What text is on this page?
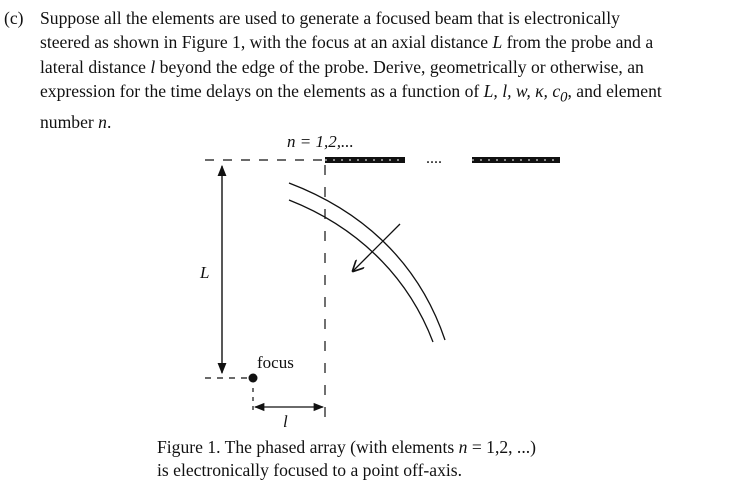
(c) Suppose all the elements are used to generate a focused beam that is electronically
steered as shown in Figure 1, with the focus at an axial distance L from the probe and a
lateral distance l beyond the edge of the probe. Derive, geometrically or otherwise, an
expression for the time delays on the elements as a function of L, l, w, κ, $c_0$, and element
number n.
n = 1,2,...
....
L
focus
l
Figure 1. The phased array (with elements n = 1,2, ...)
is electronically focused to a point off-axis.
